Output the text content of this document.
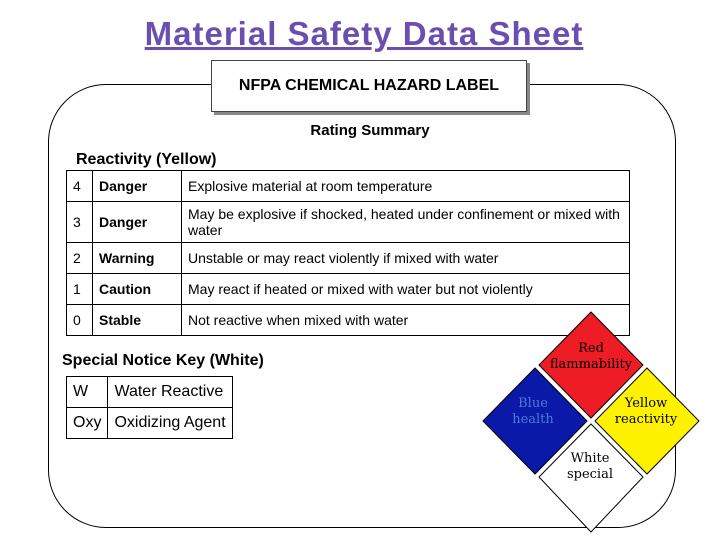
Material Safety Data Sheet
NFPA CHEMICAL HAZARD LABEL
Rating Summary
Reactivity (Yellow)
4	Danger	Explosive material at room temperature
3	Danger	May be explosive if shocked, heated under confinement or mixed with water
2	Warning	Unstable or may react violently if mixed with water
1	Caution	May react if heated or mixed with water but not violently
0	Stable	Not reactive when mixed with water
Special Notice Key (White)
W	Water Reactive
Oxy	Oxidizing Agent
Red
flammability
Blue
health
Yellow
reactivity
White
special
